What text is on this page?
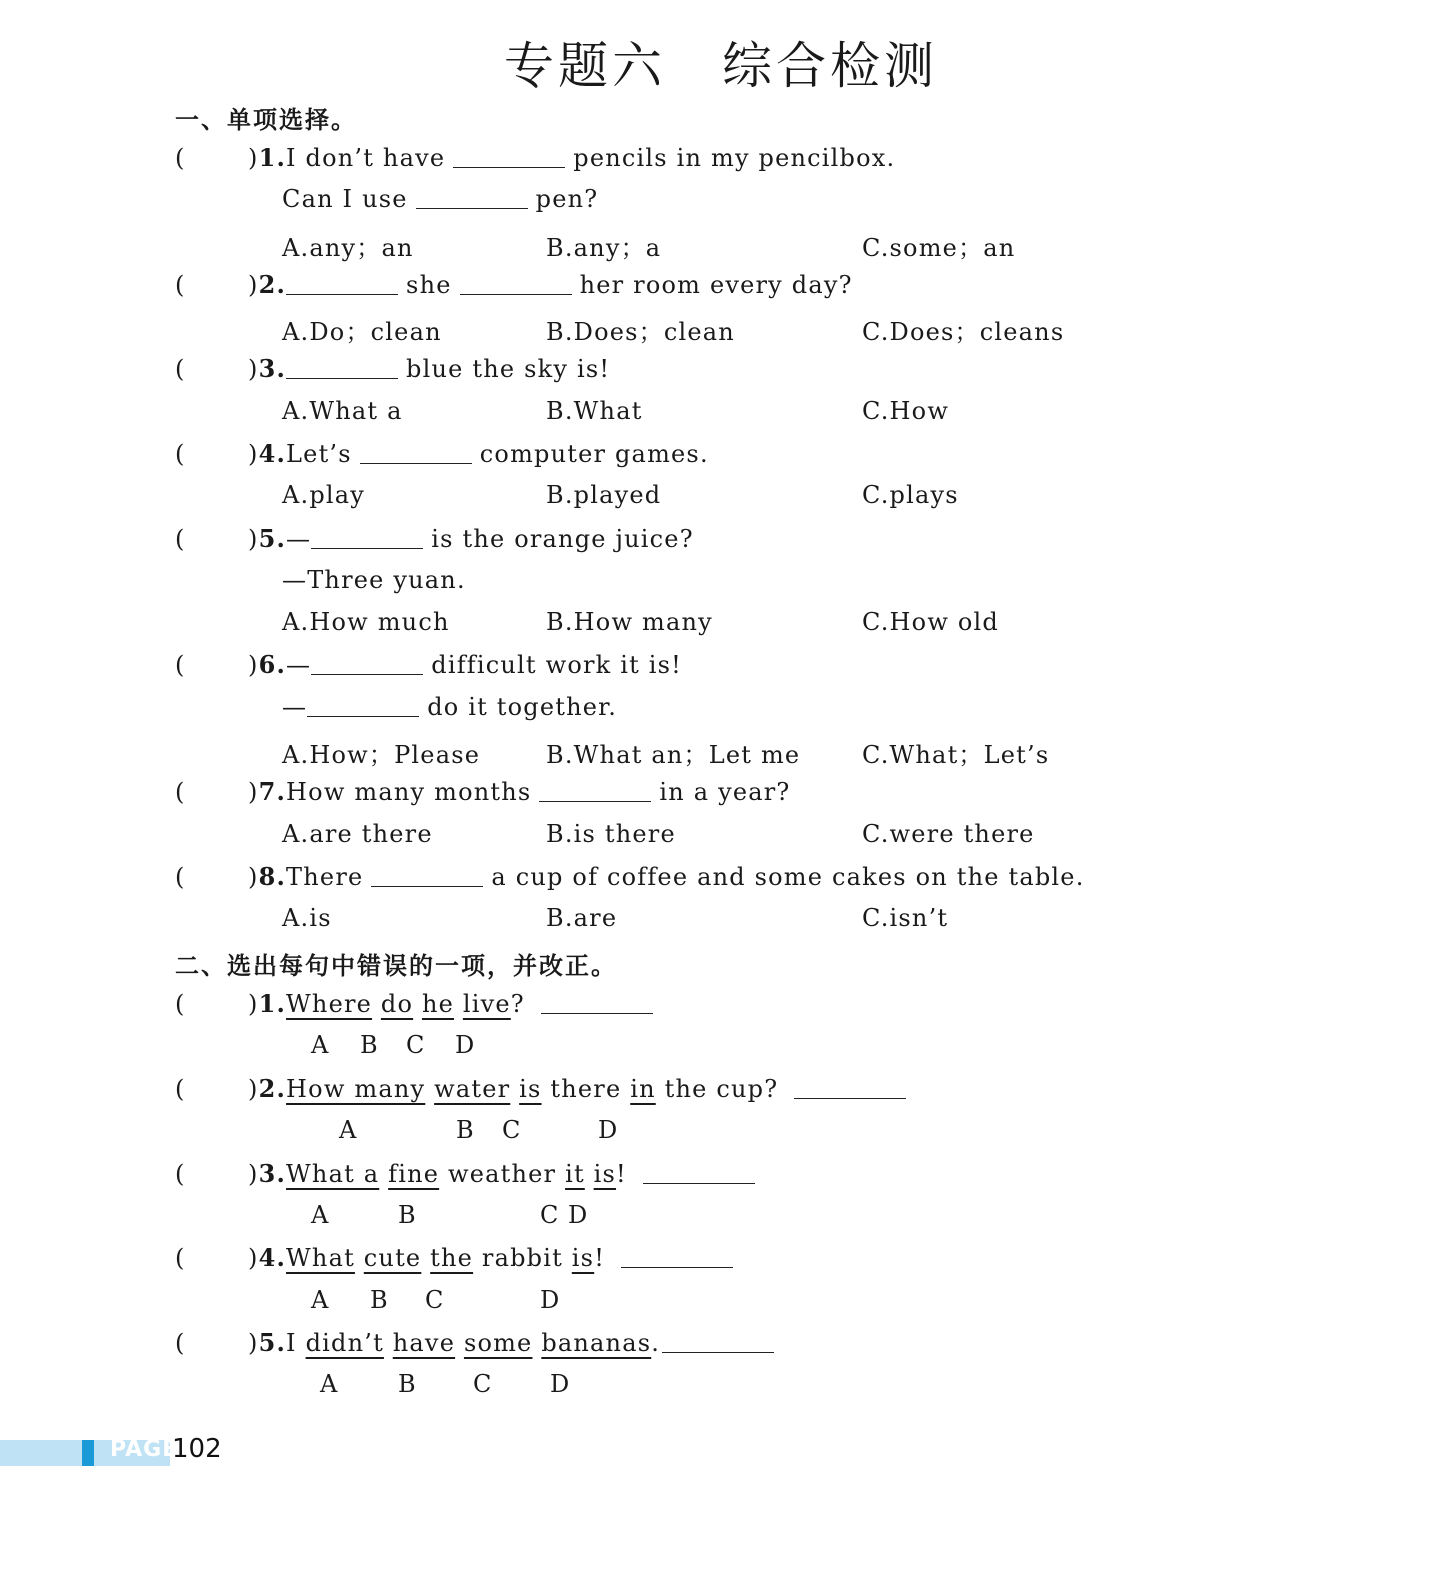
专题六 综合检测
一、单项选择。
(	)1.I don’t have	pencils in my pencilbox.
Can I use	pen?
A.any；an	B.any；a	C.some；an
(	)2.	she	her room every day?
A.Do；clean	B.Does；clean	C.Does；cleans
(	)3.	blue the sky is!
A.What a	B.What	C.How
(	)4.Let’s	computer games.
A.play	B.played	C.plays
(	)5.—	is the orange juice?
—Three yuan.
A.How much	B.How many	C.How old
(	)6.—	difficult work it is!
—	do it together.
A.How；Please	B.What an；Let me	C.What；Let’s
(	)7.How many months	in a year?
A.are there	B.is there	C.were there
(	)8.There	a cup of coffee and some cakes on the table.
A.is	B.are	C.isn’t
二、选出每句中错误的一项，并改正。
(	)1.Where do he live?
A B C D
(	)2.How many water is there in the cup?
A	B C	D
(	)3.What a fine weather it is!
A	B	C D
(	)4.What cute the rabbit is!
A B C	D
(	)5.I didn’t have some bananas.
A	B C D
PAGE
102
